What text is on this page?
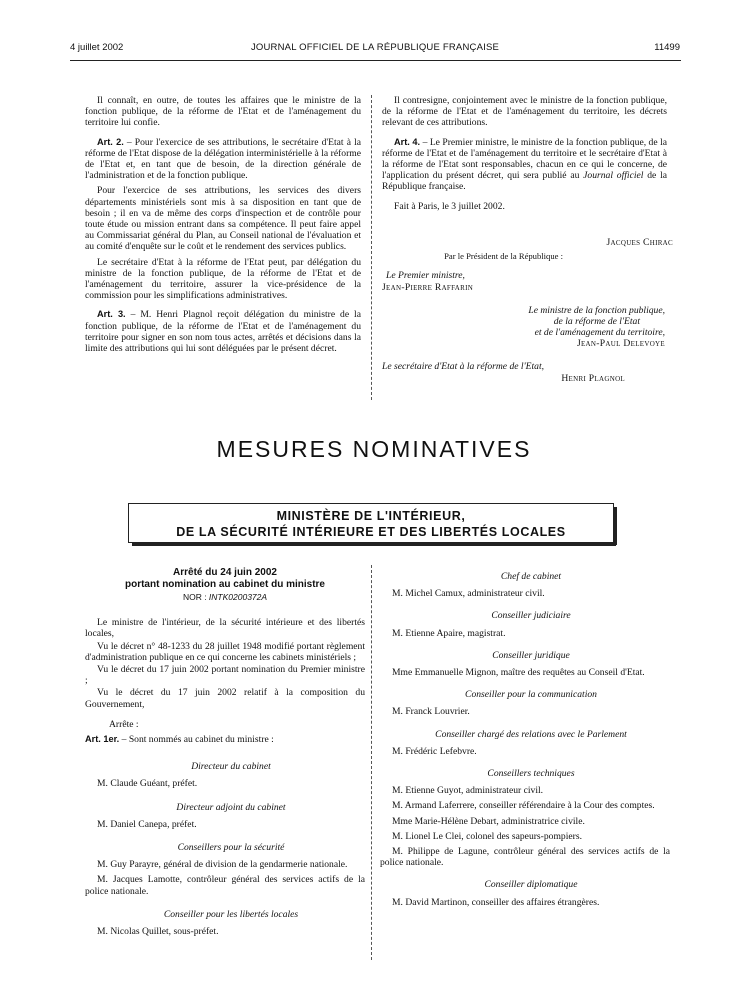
4 juillet 2002	JOURNAL OFFICIEL DE LA RÉPUBLIQUE FRANÇAISE	11499

Il connaît, en outre, de toutes les affaires que le ministre de la fonction publique, de la réforme de l'Etat et de l'aménagement du territoire lui confie.

Art. 2. – Pour l'exercice de ses attributions, le secrétaire d'Etat à la réforme de l'Etat dispose de la délégation interministérielle à la réforme de l'Etat et, en tant que de besoin, de la direction générale de l'administration et de la fonction publique.

Pour l'exercice de ses attributions, les services des divers départements ministériels sont mis à sa disposition en tant que de besoin ; il en va de même des corps d'inspection et de contrôle pour toute étude ou mission entrant dans sa compétence. Il peut faire appel au Commissariat général du Plan, au Conseil national de l'évaluation et au comité d'enquête sur le coût et le rendement des services publics.

Le secrétaire d'Etat à la réforme de l'Etat peut, par délégation du ministre de la fonction publique, de la réforme de l'Etat et de l'aménagement du territoire, assurer la vice-présidence de la commission pour les simplifications administratives.

Art. 3. – M. Henri Plagnol reçoit délégation du ministre de la fonction publique, de la réforme de l'Etat et de l'aménagement du territoire pour signer en son nom tous actes, arrêtés et décisions dans la limite des attributions qui lui sont déléguées par le présent décret.

Il contresigne, conjointement avec le ministre de la fonction publique, de la réforme de l'Etat et de l'aménagement du territoire, les décrets relevant de ces attributions.

Art. 4. – Le Premier ministre, le ministre de la fonction publique, de la réforme de l'Etat et de l'aménagement du territoire et le secrétaire d'Etat à la réforme de l'Etat sont responsables, chacun en ce qui le concerne, de l'application du présent décret, qui sera publié au Journal officiel de la République française.

Fait à Paris, le 3 juillet 2002.

Jacques Chirac
Par le Président de la République :
Le Premier ministre,
Jean-Pierre Raffarin
Le ministre de la fonction publique,
de la réforme de l'Etat
et de l'aménagement du territoire,
Jean-Paul Delevoye
Le secrétaire d'Etat à la réforme de l'Etat,
Henri Plagnol
MESURES NOMINATIVES
MINISTÈRE DE L'INTÉRIEUR,
DE LA SÉCURITÉ INTÉRIEURE ET DES LIBERTÉS LOCALES
Arrêté du 24 juin 2002
portant nomination au cabinet du ministre
NOR : INTK0200372A

Le ministre de l'intérieur, de la sécurité intérieure et des libertés locales,

Vu le décret n° 48-1233 du 28 juillet 1948 modifié portant règlement d'administration publique en ce qui concerne les cabinets ministériels ;

Vu le décret du 17 juin 2002 portant nomination du Premier ministre ;

Vu le décret du 17 juin 2002 relatif à la composition du Gouvernement,

Arrête :

Art. 1er. – Sont nommés au cabinet du ministre :

Directeur du cabinet

M. Claude Guéant, préfet.

Directeur adjoint du cabinet

M. Daniel Canepa, préfet.

Conseillers pour la sécurité

M. Guy Parayre, général de division de la gendarmerie nationale.

M. Jacques Lamotte, contrôleur général des services actifs de la police nationale.

Conseiller pour les libertés locales

M. Nicolas Quillet, sous-préfet.

Chef de cabinet

M. Michel Camux, administrateur civil.

Conseiller judiciaire

M. Etienne Apaire, magistrat.

Conseiller juridique

Mme Emmanuelle Mignon, maître des requêtes au Conseil d'Etat.

Conseiller pour la communication

M. Franck Louvrier.

Conseiller chargé des relations avec le Parlement

M. Frédéric Lefebvre.

Conseillers techniques

M. Etienne Guyot, administrateur civil.

M. Armand Laferrere, conseiller référendaire à la Cour des comptes.

Mme Marie-Hélène Debart, administratrice civile.

M. Lionel Le Clei, colonel des sapeurs-pompiers.

M. Philippe de Lagune, contrôleur général des services actifs de la police nationale.

Conseiller diplomatique

M. David Martinon, conseiller des affaires étrangères.
